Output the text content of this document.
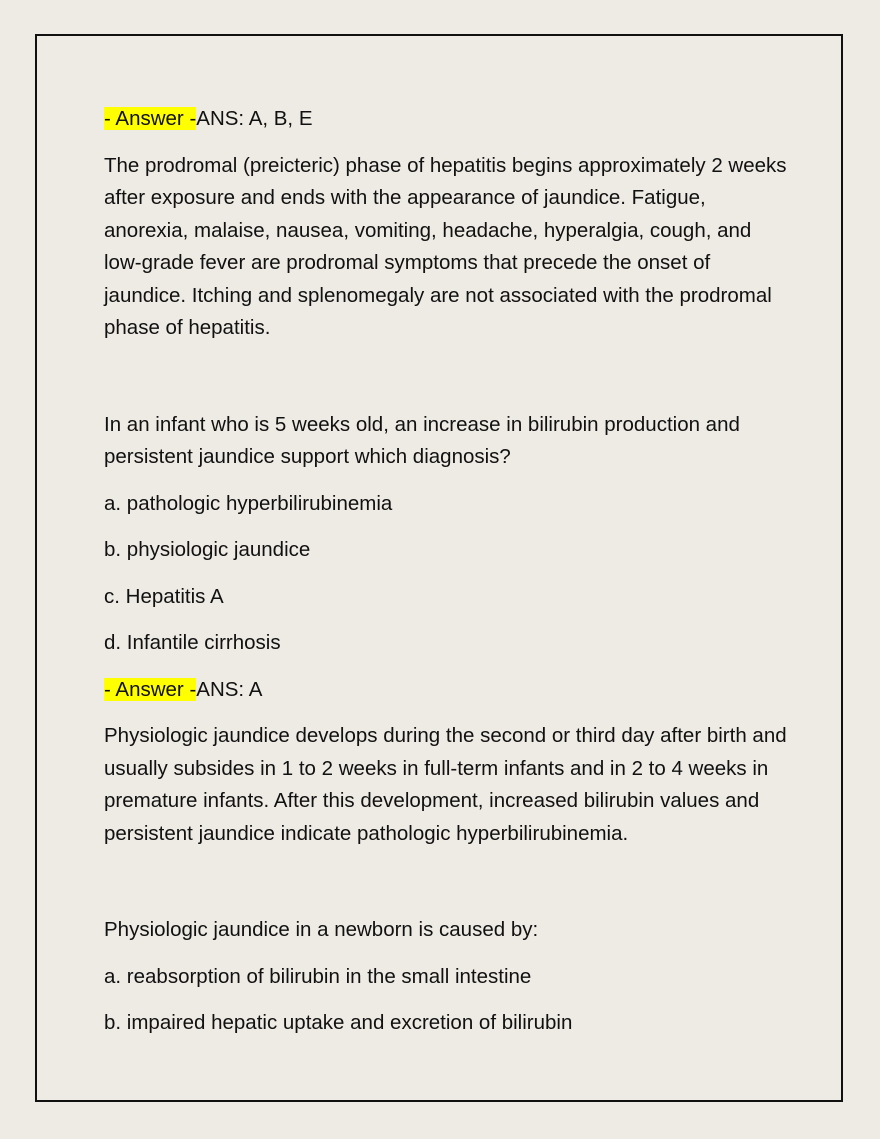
- Answer -ANS: A, B, E

The prodromal (preicteric) phase of hepatitis begins approximately 2 weeks after exposure and ends with the appearance of jaundice. Fatigue, anorexia, malaise, nausea, vomiting, headache, hyperalgia, cough, and low-grade fever are prodromal symptoms that precede the onset of jaundice. Itching and splenomegaly are not associated with the prodromal phase of hepatitis.

In an infant who is 5 weeks old, an increase in bilirubin production and persistent jaundice support which diagnosis?

a. pathologic hyperbilirubinemia

b. physiologic jaundice

c. Hepatitis A

d. Infantile cirrhosis

- Answer -ANS: A

Physiologic jaundice develops during the second or third day after birth and usually subsides in 1 to 2 weeks in full-term infants and in 2 to 4 weeks in premature infants. After this development, increased bilirubin values and persistent jaundice indicate pathologic hyperbilirubinemia.

Physiologic jaundice in a newborn is caused by:

a. reabsorption of bilirubin in the small intestine

b. impaired hepatic uptake and excretion of bilirubin
